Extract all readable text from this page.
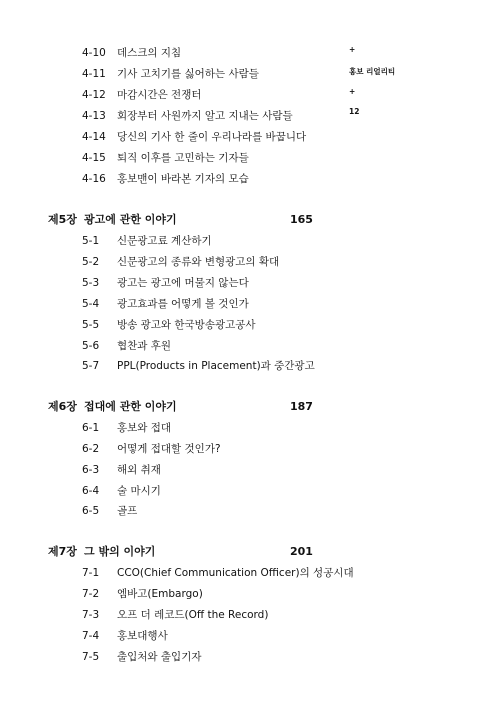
4-10 데스크의 지침
4-11 기사 고치기를 싫어하는 사람들
4-12 마감시간은 전쟁터
4-13 회장부터 사원까지 알고 지내는 사람들
4-14 당신의 기사 한 줄이 우리나라를 바꿉니다
4-15 퇴직 이후를 고민하는 기자들
4-16 홍보맨이 바라본 기자의 모습
제5장 광고에 관한 이야기	165
5-1 신문광고료 계산하기
5-2 신문광고의 종류와 변형광고의 확대
5-3 광고는 광고에 머물지 않는다
5-4 광고효과를 어떻게 볼 것인가
5-5 방송 광고와 한국방송광고공사
5-6 협찬과 후원
5-7 PPL(Products in Placement)과 중간광고
제6장 접대에 관한 이야기	187
6-1 홍보와 접대
6-2 어떻게 접대할 것인가?
6-3 해외 취재
6-4 술 마시기
6-5 골프
제7장 그 밖의 이야기	201
7-1 CCO(Chief Communication Officer)의 성공시대
7-2 엠바고(Embargo)
7-3 오프 더 레코드(Off the Record)
7-4 홍보대행사
7-5 출입처와 출입기자
+
홍보 리얼리티
+
12
